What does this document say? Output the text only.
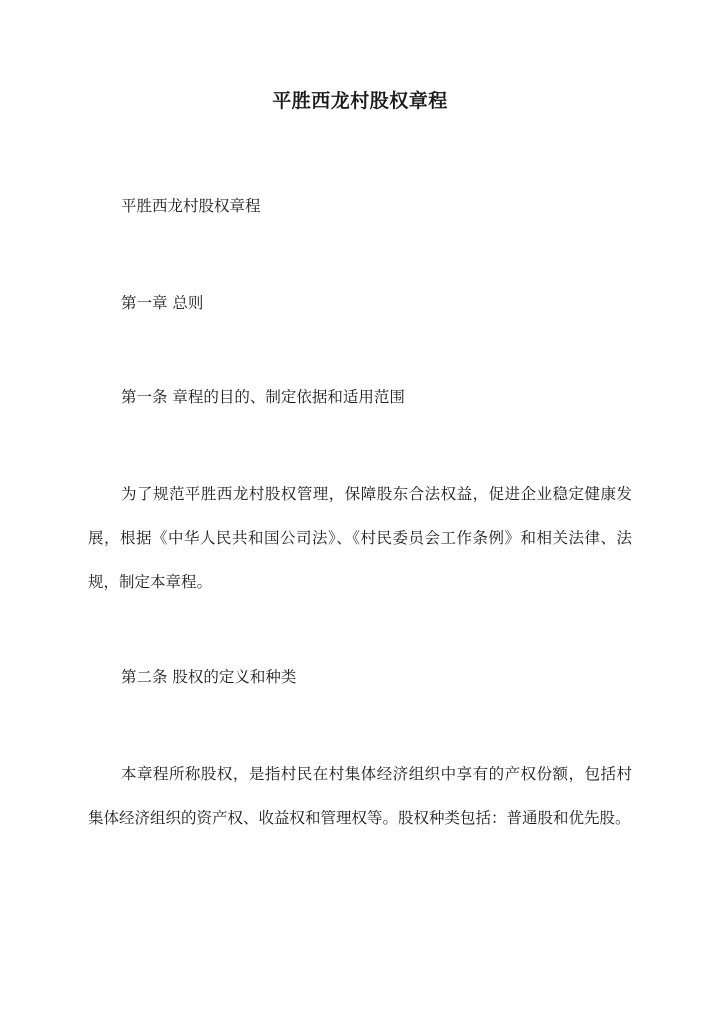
平胜西龙村股权章程

平胜西龙村股权章程

第一章 总则

第一条 章程的目的、制定依据和适用范围

为了规范平胜西龙村股权管理，保障股东合法权益，促进企业稳定健康发展，根据《中华人民共和国公司法》、《村民委员会工作条例》和相关法律、法规，制定本章程。

第二条 股权的定义和种类

本章程所称股权，是指村民在村集体经济组织中享有的产权份额，包括村集体经济组织的资产权、收益权和管理权等。股权种类包括：普通股和优先股。
